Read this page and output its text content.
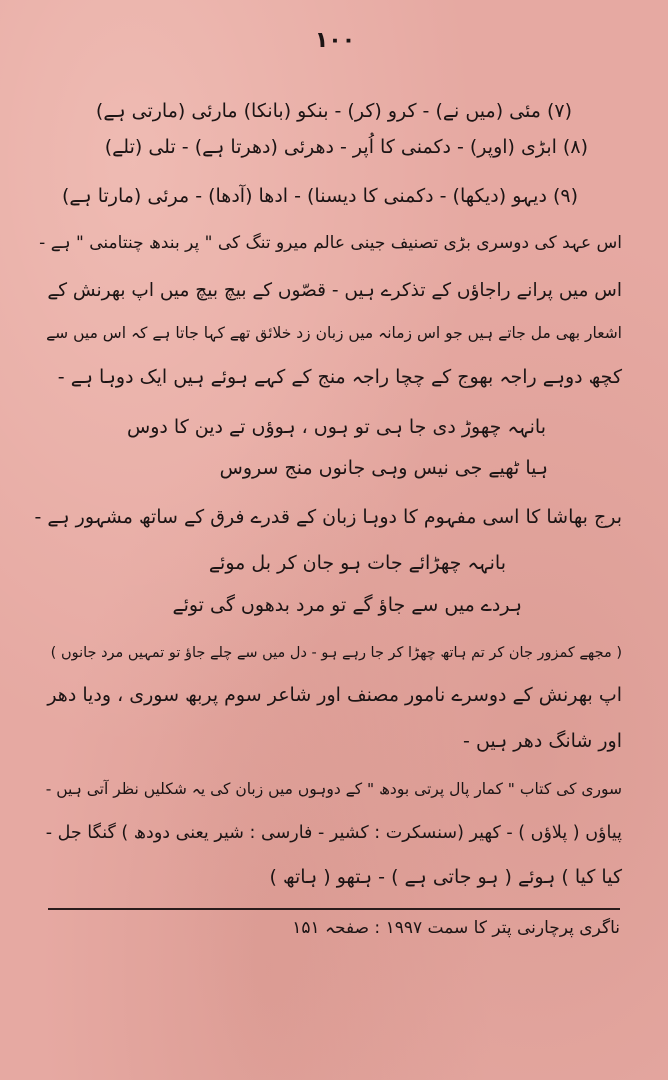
۱۰۰
(۷) مئی (میں نے) - کرو (کر) - بنکو (بانکا) مارئی (مارتی ہے)
(۸) ابڑی (اوپر) - دکمنی کا اُپر - دھرئی (دھرتا ہے) - تلی (تلے)
(۹) دیہو (دیکھا) - دکمنی کا دیسنا) - ادھا (آدھا) - مرئی (مارتا ہے)
اس عہد کی دوسری بڑی تصنیف جینی عالم میرو تنگ کی " پر بندھ چنتامنی " ہے -
اس میں پرانے راجاؤں کے تذکرے ہیں - قصّوں کے بیچ بیچ میں اپ بھرنش کے
اشعار بھی مل جاتے ہیں جو اس زمانہ میں زبان زد خلائق تھے کہا جاتا ہے کہ اس میں سے
کچھ دوہے راجہ بھوج کے چچا راجہ منج کے کہے ہوئے ہیں ایک دوہا ہے -
بانہہ چھوڑ دی جا ہی تو ہوں ، ہوؤں تے دین کا دوس
ہیا ٹھیے جی نیس وہی جانوں منج سروس
برج بھاشا کا اسی مفہوم کا دوہا زبان کے قدرے فرق کے ساتھ مشہور ہے -
بانہہ چھڑائے جات ہو جان کر بل موئے
ہردے میں سے جاؤ گے تو مرد بدھوں گی توئے
( مجھے کمزور جان کر تم ہاتھ چھڑا کر جا رہے ہو - دل میں سے چلے جاؤ تو تمہیں مرد جانوں )
اپ بھرنش کے دوسرے نامور مصنف اور شاعر سوم پربھ سوری ، ودیا دھر
اور شانگ دھر ہیں -
سوری کی کتاب " کمار پال پرتی بودھ " کے دوہوں میں زبان کی یہ شکلیں نظر آتی ہیں -
پیاؤں ( پلاؤں ) - کھیر (سنسکرت : کشیر - فارسی : شیر یعنی دودھ ) گنگا جل -
کیا کیا ) ہوئے ( ہو جاتی ہے ) - ہتھو ( ہاتھ )
ناگری پرچارنی پتر کا سمت ۱۹۹۷ : صفحہ ۱۵۱
